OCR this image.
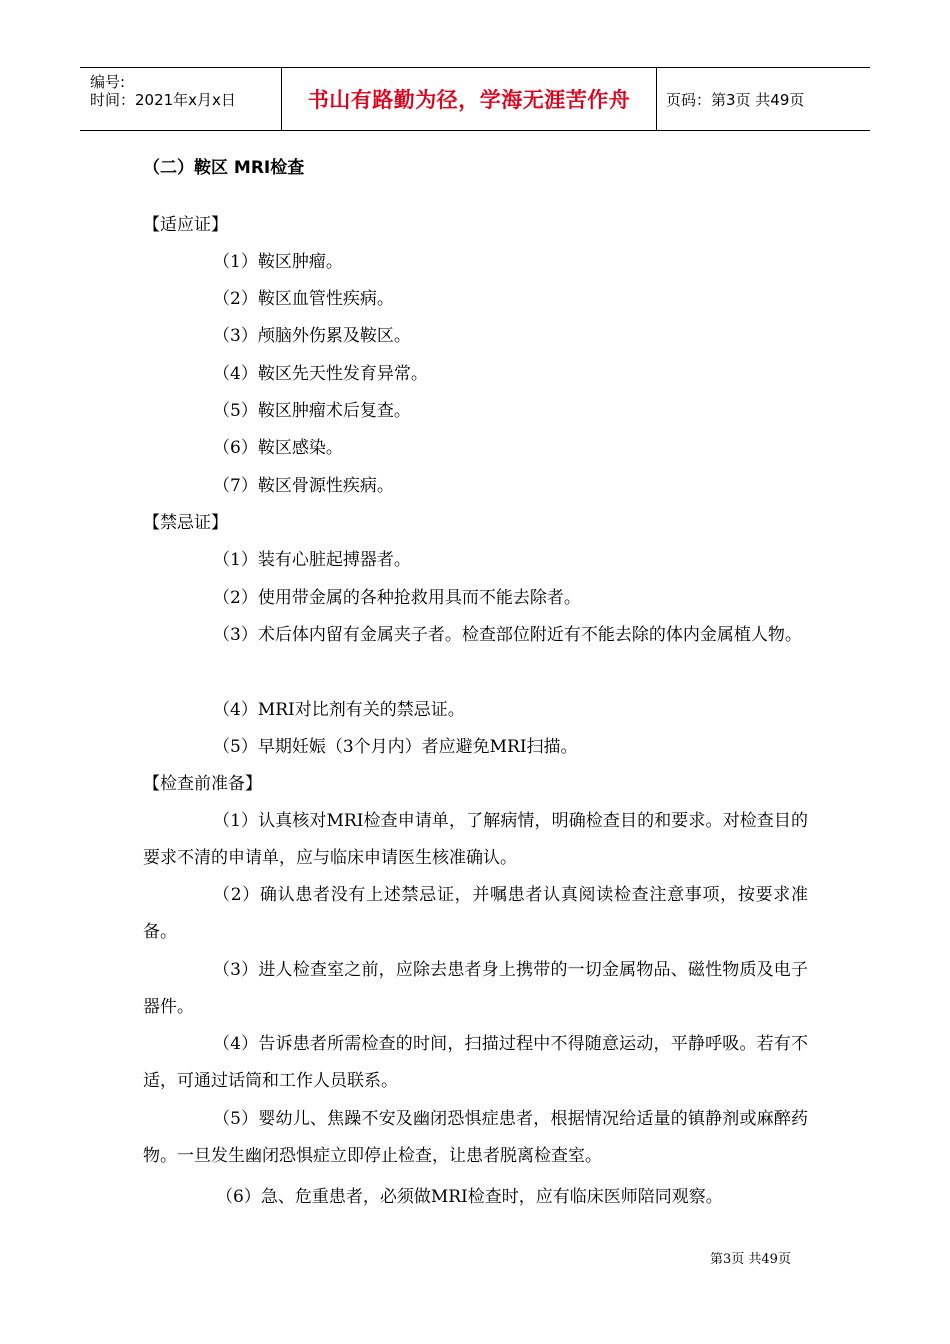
编号:
时间：2021年x月x日	书山有路勤为径，学海无涯苦作舟 页码：第3页 共49页
（二）鞍区 MRI检查
【适应证】
（1）鞍区肿瘤。
（2）鞍区血管性疾病。
（3）颅脑外伤累及鞍区。
（4）鞍区先天性发育异常。
（5）鞍区肿瘤术后复查。
（6）鞍区感染。
（7）鞍区骨源性疾病。
【禁忌证】
（1）装有心脏起搏器者。
（2）使用带金属的各种抢救用具而不能去除者。
（3）术后体内留有金属夹子者。检查部位附近有不能去除的体内金属植人物。
（4）MRI对比剂有关的禁忌证。
（5）早期妊娠（3个月内）者应避免MRI扫描。
【检查前准备】
（1）认真核对MRI检查申请单，了解病情，明确检查目的和要求。对检查目的要求不清的申请单，应与临床申请医生核准确认。
（2）确认患者没有上述禁忌证，并嘱患者认真阅读检查注意事项，按要求准备。
（3）进人检查室之前，应除去患者身上携带的一切金属物品、磁性物质及电子器件。
（4）告诉患者所需检查的时间，扫描过程中不得随意运动，平静呼吸。若有不适，可通过话筒和工作人员联系。
（5）婴幼儿、焦躁不安及幽闭恐惧症患者，根据情况给适量的镇静剂或麻醉药物。一旦发生幽闭恐惧症立即停止检查，让患者脱离检查室。
（6）急、危重患者，必须做MRI检查时，应有临床医师陪同观察。
第3页 共49页
